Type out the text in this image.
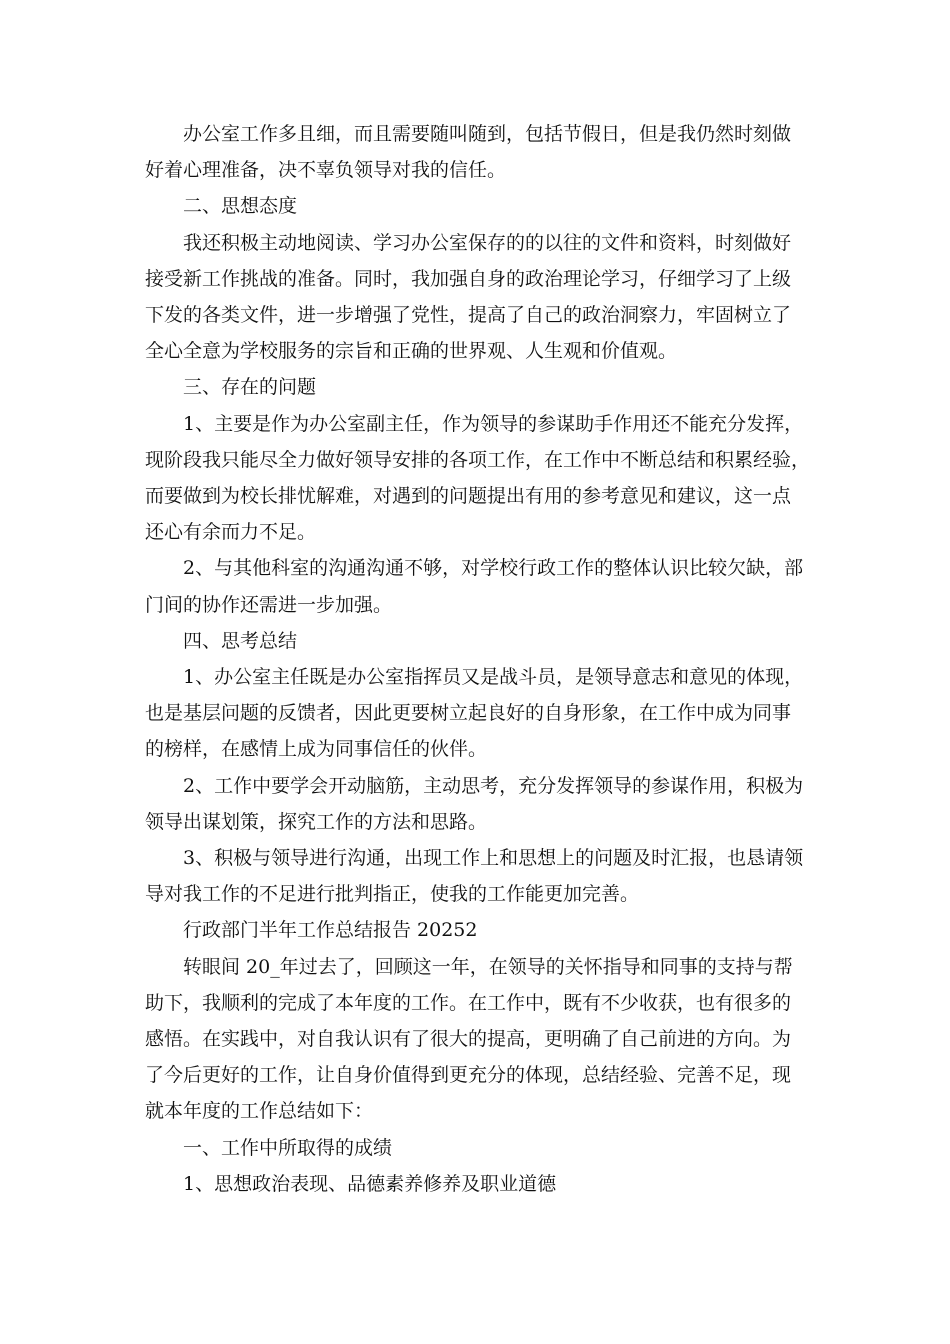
办公室工作多且细，而且需要随叫随到，包括节假日，但是我仍然时刻做
好着心理准备，决不辜负领导对我的信任。

二、思想态度

我还积极主动地阅读、学习办公室保存的的以往的文件和资料，时刻做好
接受新工作挑战的准备。同时，我加强自身的政治理论学习，仔细学习了上级
下发的各类文件，进一步增强了党性，提高了自己的政治洞察力，牢固树立了
全心全意为学校服务的宗旨和正确的世界观、人生观和价值观。

三、存在的问题

1、主要是作为办公室副主任，作为领导的参谋助手作用还不能充分发挥，
现阶段我只能尽全力做好领导安排的各项工作，在工作中不断总结和积累经验，
而要做到为校长排忧解难，对遇到的问题提出有用的参考意见和建议，这一点
还心有余而力不足。

2、与其他科室的沟通沟通不够，对学校行政工作的整体认识比较欠缺，部
门间的协作还需进一步加强。

四、思考总结

1、办公室主任既是办公室指挥员又是战斗员，是领导意志和意见的体现，
也是基层问题的反馈者，因此更要树立起良好的自身形象，在工作中成为同事
的榜样，在感情上成为同事信任的伙伴。

2、工作中要学会开动脑筋，主动思考，充分发挥领导的参谋作用，积极为
领导出谋划策，探究工作的方法和思路。

3、积极与领导进行沟通，出现工作上和思想上的问题及时汇报，也恳请领
导对我工作的不足进行批判指正，使我的工作能更加完善。

行政部门半年工作总结报告 20252

转眼间 20_年过去了，回顾这一年，在领导的关怀指导和同事的支持与帮
助下，我顺利的完成了本年度的工作。在工作中，既有不少收获，也有很多的
感悟。在实践中，对自我认识有了很大的提高，更明确了自己前进的方向。为
了今后更好的工作，让自身价值得到更充分的体现，总结经验、完善不足，现
就本年度的工作总结如下：

一、工作中所取得的成绩

1、思想政治表现、品德素养修养及职业道德
